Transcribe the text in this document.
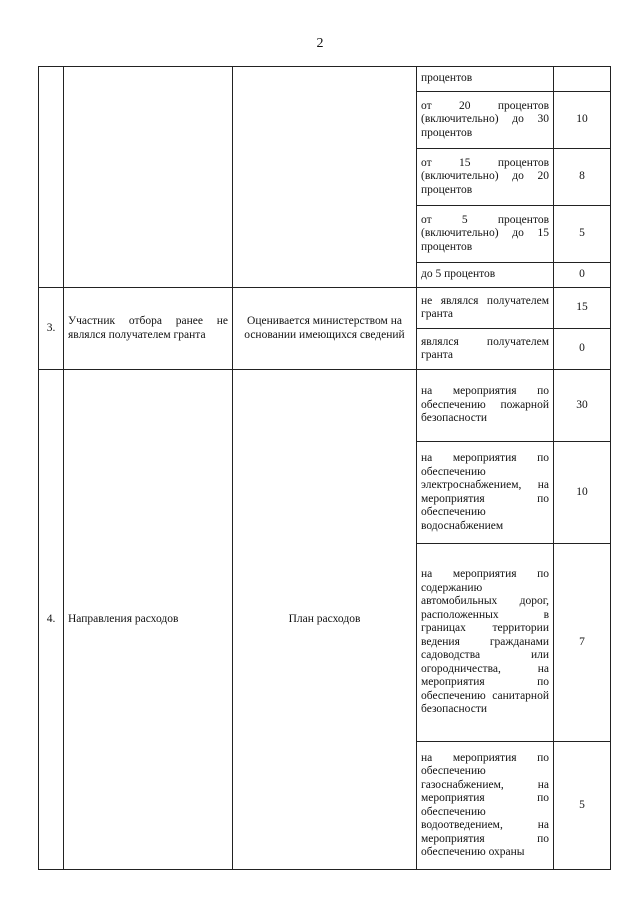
2
			процентов	
			от 20 процентов (включительно) до 30 процентов	10
			от 15 процентов (включительно) до 20 процентов	8
			от 5 процентов (включительно) до 15 процентов	5
			до 5 процентов	0
3.	Участник отбора ранее не являлся получателем гранта	Оценивается министерством на основании имеющихся сведений	не являлся получателем гранта	15
			являлся получателем гранта	0
4.	Направления расходов	План расходов	на мероприятия по обеспечению пожарной безопасности	30
			на мероприятия по обеспечению электроснабжением, на мероприятия по обеспечению водоснабжением	10
			на мероприятия по содержанию автомобильных дорог, расположенных в границах территории ведения гражданами садоводства или огородничества, на мероприятия по обеспечению санитарной безопасности	7
			на мероприятия по обеспечению газоснабжением, на мероприятия по обеспечению водоотведением, на мероприятия по обеспечению охраны	5
